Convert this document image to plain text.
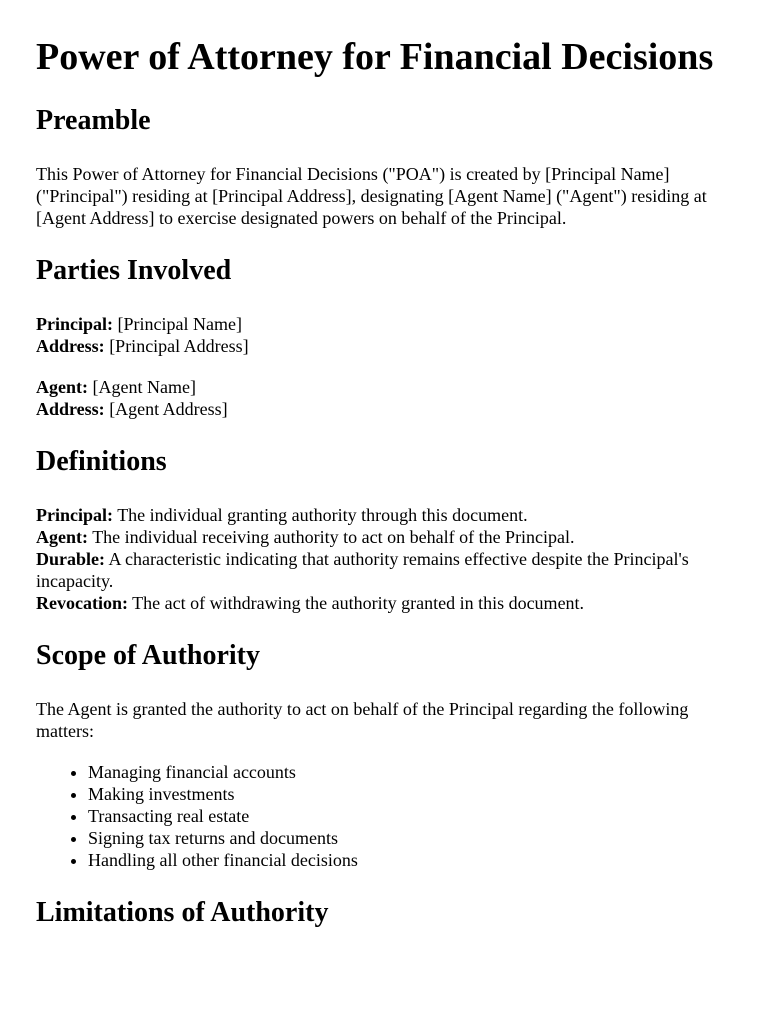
Power of Attorney for Financial Decisions
Preamble

This Power of Attorney for Financial Decisions ("POA") is created by [Principal Name] ("Principal") residing at [Principal Address], designating [Agent Name] ("Agent") residing at [Agent Address] to exercise designated powers on behalf of the Principal.

Parties Involved
Principal: [Principal Name]
Address: [Principal Address]
Agent: [Agent Name]
Address: [Agent Address]
Definitions
Principal: The individual granting authority through this document.
Agent: The individual receiving authority to act on behalf of the Principal.
Durable: A characteristic indicating that authority remains effective despite the Principal's incapacity.
Revocation: The act of withdrawing the authority granted in this document.
Scope of Authority

The Agent is granted the authority to act on behalf of the Principal regarding the following matters:

• Managing financial accounts
• Making investments
• Transacting real estate
• Signing tax returns and documents
• Handling all other financial decisions
Limitations of Authority
